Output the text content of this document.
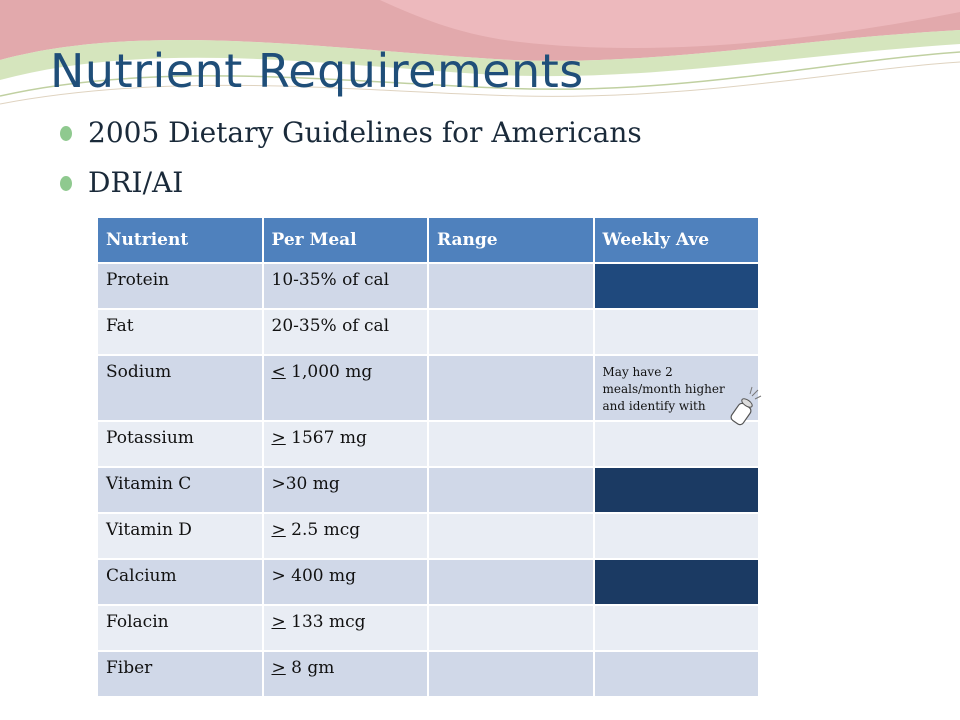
Nutrient Requirements
2005 Dietary Guidelines for Americans
DRI/AI
Nutrient	Per Meal	Range	Weekly Ave
Protein	10-35% of cal		
Fat	20-35% of cal		
Sodium	< 1,000 mg		May have 2 meals/month higher and identify with

Potassium	> 1567 mg		
Vitamin C	>30 mg		
Vitamin D	> 2.5 mcg		
Calcium	> 400 mg		
Folacin	> 133 mcg		
Fiber	> 8 gm		
